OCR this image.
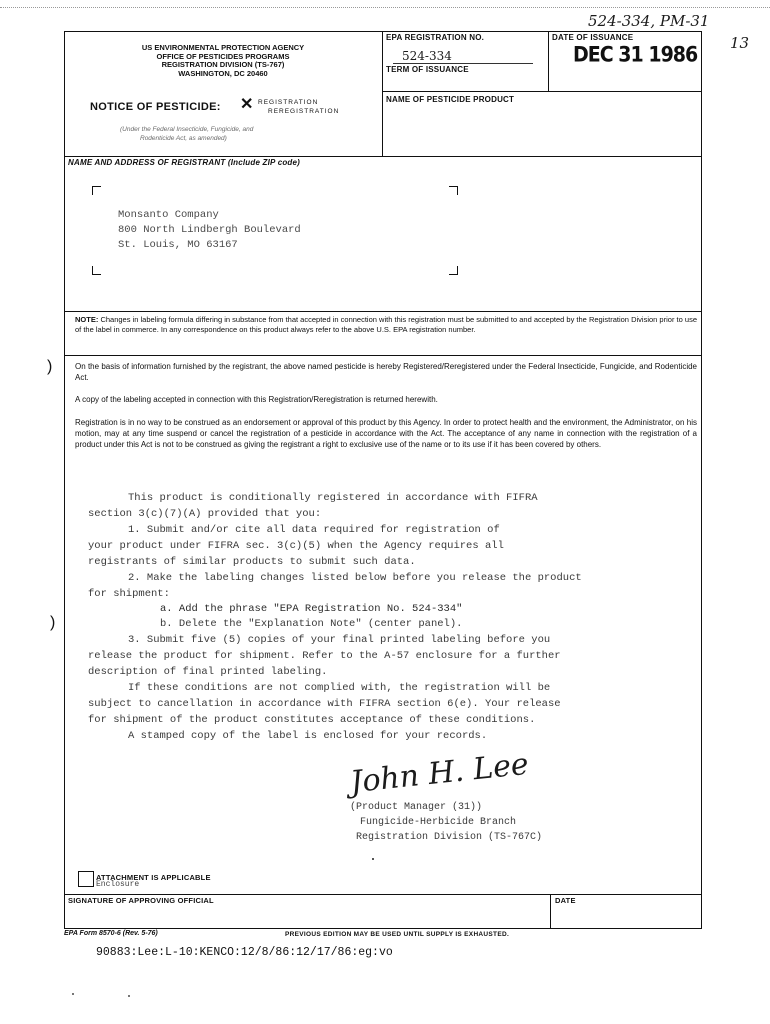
524-334, PM-31
13
US ENVIRONMENTAL PROTECTION AGENCY
OFFICE OF PESTICIDES PROGRAMS
REGISTRATION DIVISION (TS-767)
WASHINGTON, DC 20460
NOTICE OF PESTICIDE: ✕ REGISTRATION
REREGISTRATION
(Under the Federal Insecticide, Fungicide, and
Rodenticide Act, as amended)
EPA REGISTRATION NO.
524-334
TERM OF ISSUANCE
DATE OF ISSUANCE
DEC 31 1986
NAME OF PESTICIDE PRODUCT
NAME AND ADDRESS OF REGISTRANT (Include ZIP code)
Monsanto Company
800 North Lindbergh Boulevard
St. Louis, MO 63167
NOTE: Changes in labeling formula differing in substance from that accepted in connection with this registration must be submitted to and accepted by the Registration Division prior to use of the label in commerce. In any correspondence on this product always refer to the above U.S. EPA registration number.
)
)
On the basis of information furnished by the registrant, the above named pesticide is hereby Registered/Reregistered under the Federal Insecticide, Fungicide, and Rodenticide Act.
A copy of the labeling accepted in connection with this Registration/Reregistration is returned herewith.
Registration is in no way to be construed as an endorsement or approval of this product by this Agency. In order to protect health and the environment, the Administrator, on his motion, may at any time suspend or cancel the registration of a pesticide in accordance with the Act. The acceptance of any name in connection with the registration of a product under this Act is not to be construed as giving the registrant a right to exclusive use of the name or to its use if it has been covered by others.
This product is conditionally registered in accordance with FIFRA
section 3(c)(7)(A) provided that you:
1. Submit and/or cite all data required for registration of
your product under FIFRA sec. 3(c)(5) when the Agency requires all
registrants of similar products to submit such data.
2. Make the labeling changes listed below before you release the product
for shipment:
a. Add the phrase "EPA Registration No. 524-334"
b. Delete the "Explanation Note" (center panel).
3. Submit five (5) copies of your final printed labeling before you
release the product for shipment. Refer to the A-57 enclosure for a further
description of final printed labeling.
If these conditions are not complied with, the registration will be
subject to cancellation in accordance with FIFRA section 6(e). Your release
for shipment of the product constitutes acceptance of these conditions.
A stamped copy of the label is enclosed for your records.
John H. Lee
(Product Manager (31))
Fungicide-Herbicide Branch
Registration Division (TS-767C)
ATTACHMENT IS APPLICABLE
Enclosure
SIGNATURE OF APPROVING OFFICIAL	DATE
EPA Form 8570-6 (Rev. 5-76)	PREVIOUS EDITION MAY BE USED UNTIL SUPPLY IS EXHAUSTED.
90883:Lee:L-10:KENCO:12/8/86:12/17/86:eg:vo
